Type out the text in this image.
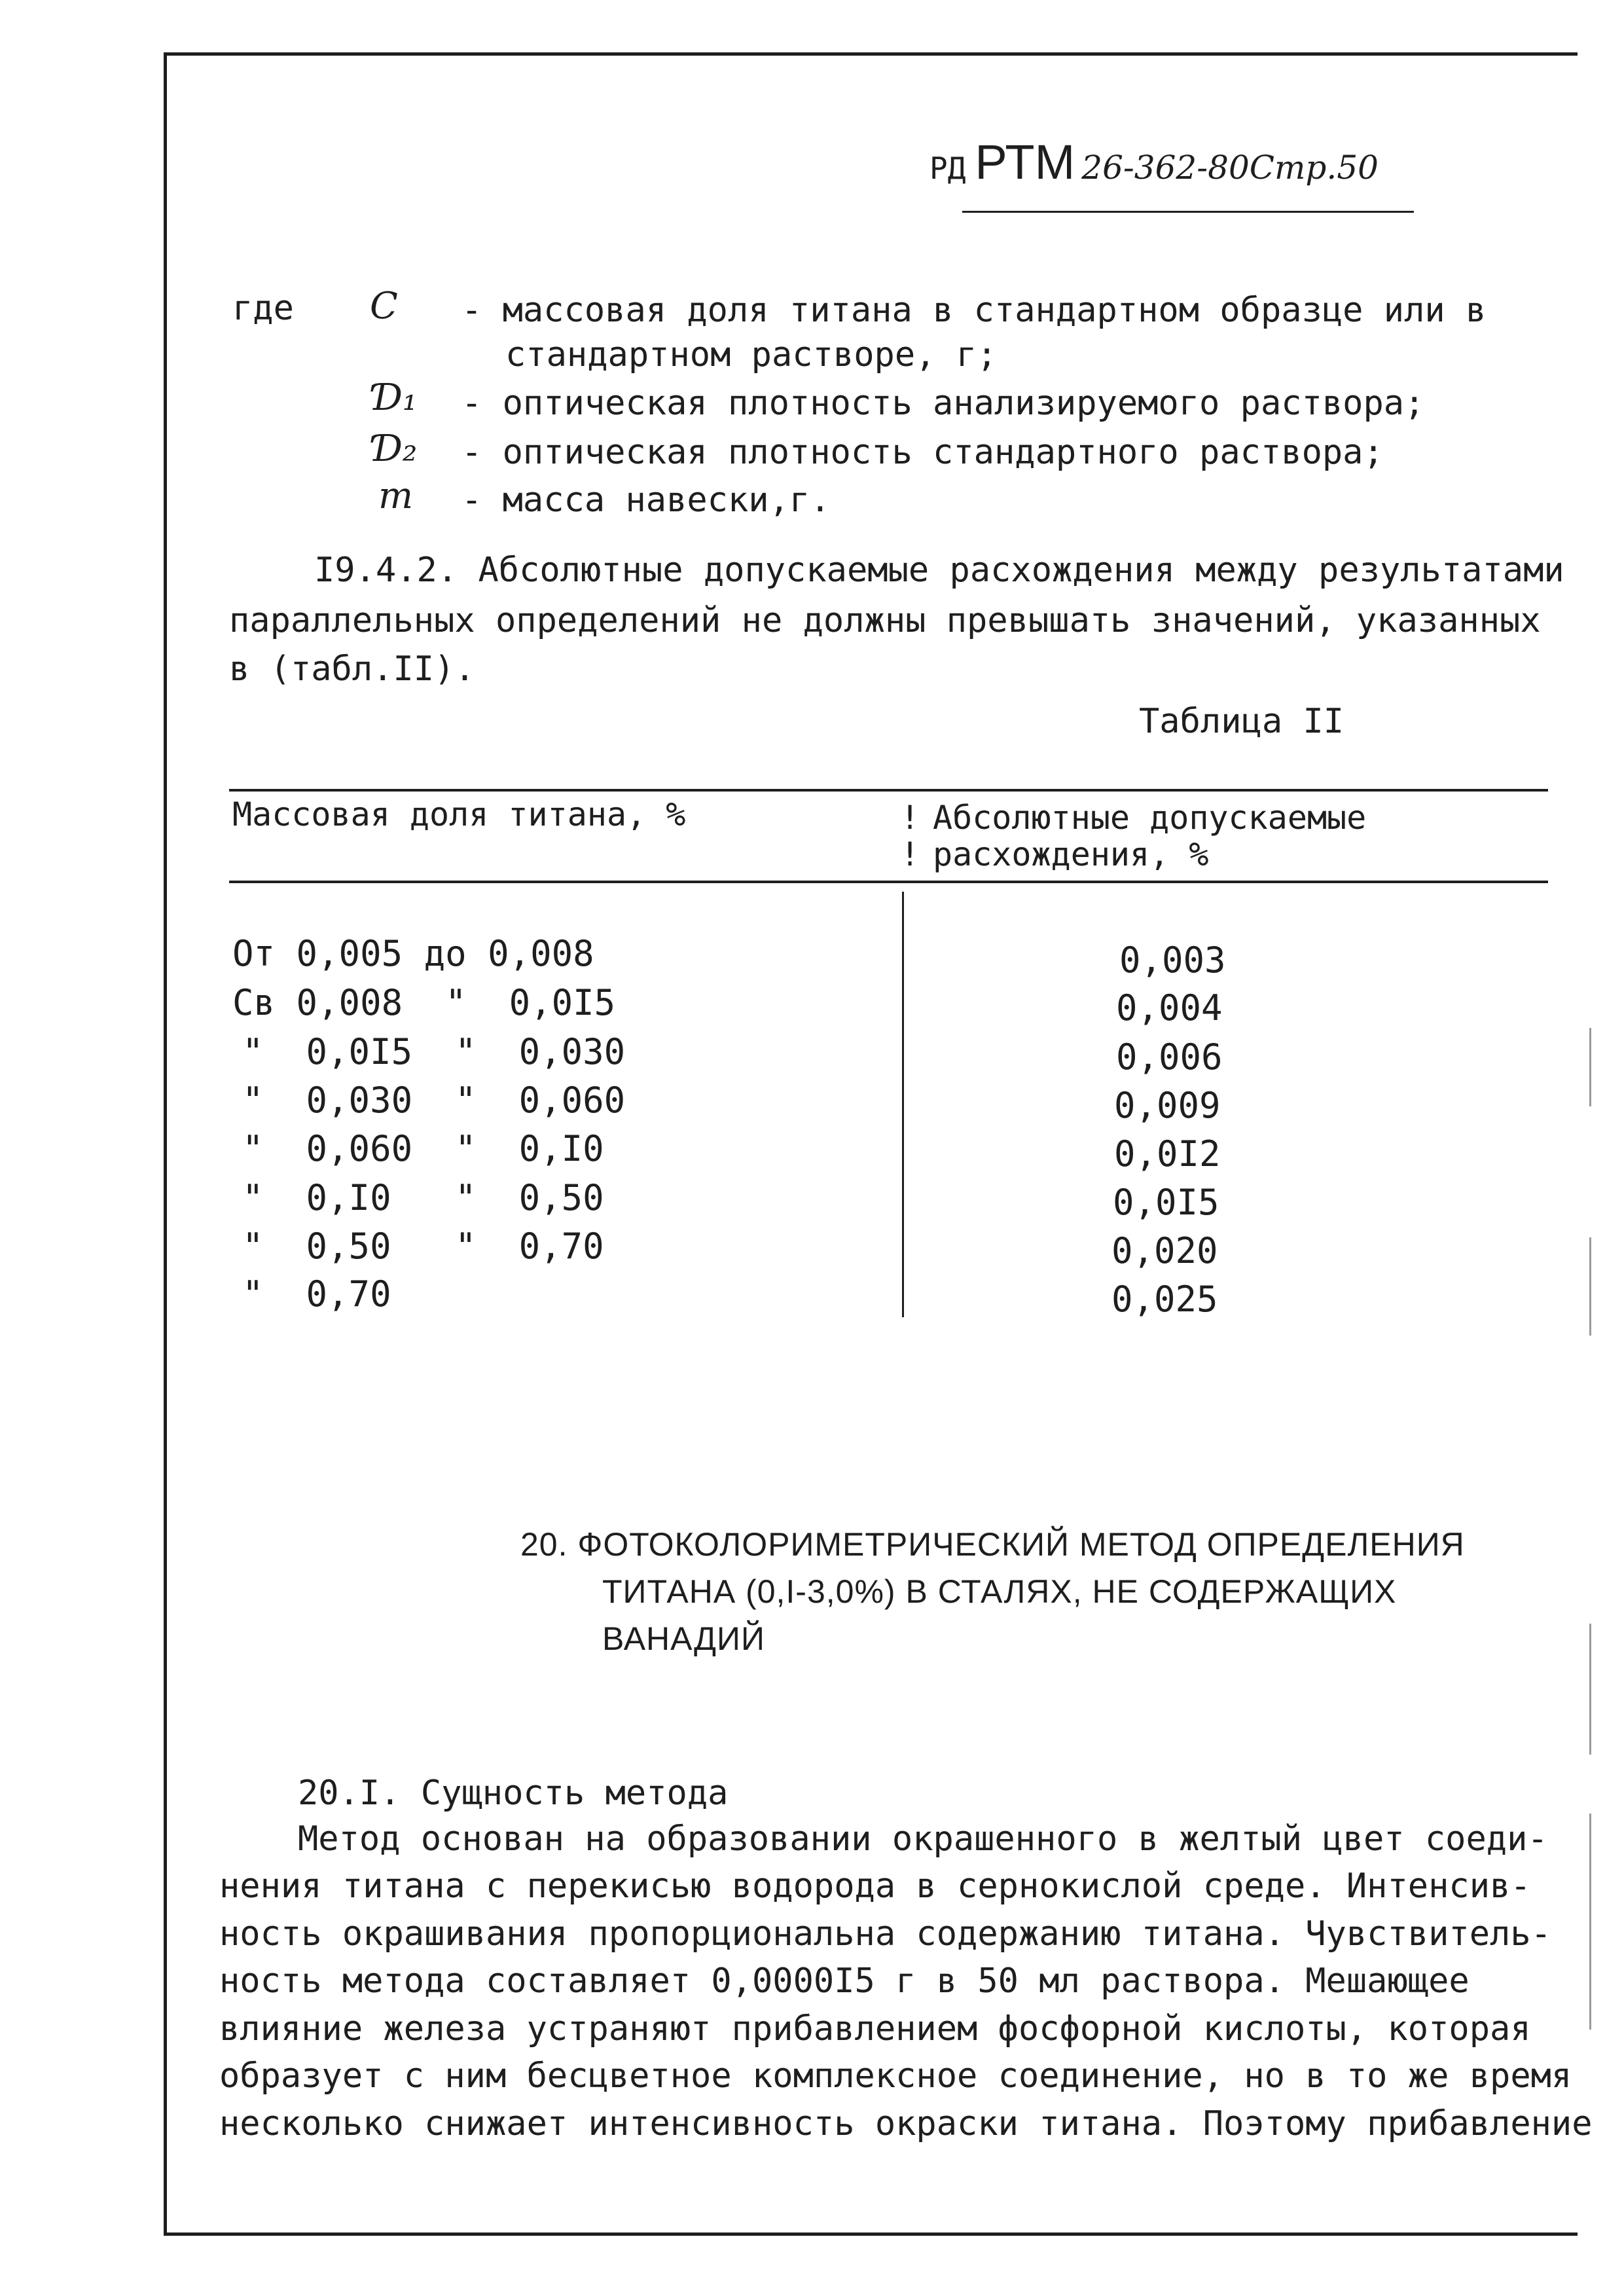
РД РТМ 26-362-80Стр.50
где C - массовая доля титана в стандартном образце или в
стандартном растворе, г;
Ɗ₁ - оптическая плотность анализируемого раствора;
Ɗ₂ - оптическая плотность стандартного раствора;
m - масса навески,г.
I9.4.2. Абсолютные допускаемые расхождения между результатами
параллельных определений не должны превышать значений, указанных
в (табл.II).
Таблица II
Массовая доля титана, %	!
!
Абсолютные допускаемые
расхождения, %
От 0,005 до 0,008	0,003
Св 0,008  "  0,0I5	0,004
"  0,0I5  "  0,030	0,006
"  0,030  "  0,060	0,009
"  0,060  "  0,I0	0,0I2
"  0,I0   "  0,50	0,0I5
"  0,50   "  0,70	0,020
"  0,70	0,025
20. ФОТОКОЛОРИМЕТРИЧЕСКИЙ МЕТОД ОПРЕДЕЛЕНИЯ
ТИТАНА (0,I-3,0%) В СТАЛЯХ, НЕ СОДЕРЖАЩИХ
ВАНАДИЙ
20.I. Сущность метода
Метод основан на образовании окрашенного в желтый цвет соеди-
нения титана с перекисью водорода в сернокислой среде. Интенсив-
ность окрашивания пропорциональна содержанию титана. Чувствитель-
ность метода составляет 0,0000I5 г в 50 мл раствора. Мешающее
влияние железа устраняют прибавлением фосфорной кислоты, которая
образует с ним бесцветное комплексное соединение, но в то же время
несколько снижает интенсивность окраски титана. Поэтому прибавление
